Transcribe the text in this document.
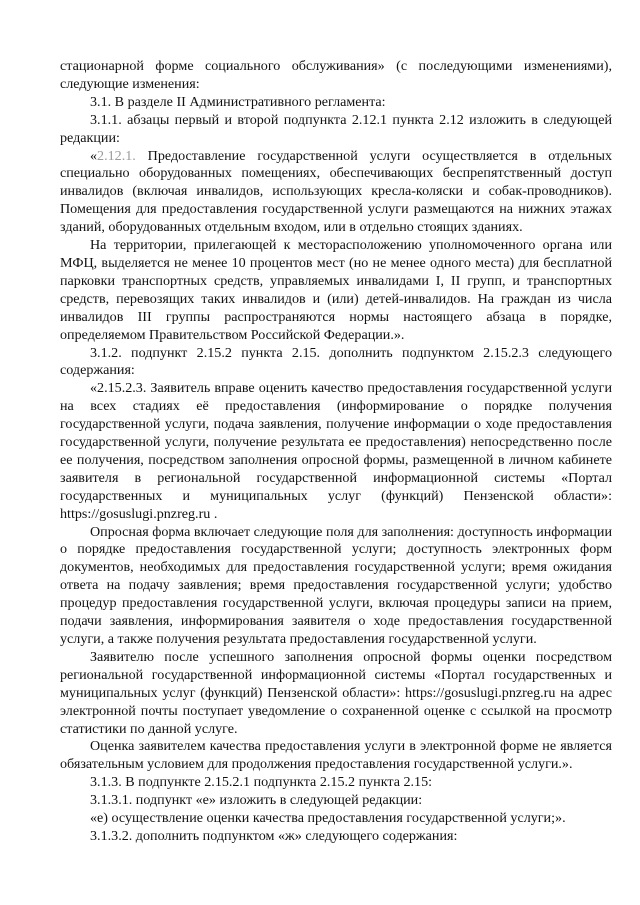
стационарной форме социального обслуживания» (с последующими изменениями), следующие изменения:

3.1. В разделе II Административного регламента:

3.1.1. абзацы первый и второй подпункта 2.12.1 пункта 2.12 изложить в следующей редакции:

«2.12.1. Предоставление государственной услуги осуществляется в отдельных специально оборудованных помещениях, обеспечивающих беспрепятственный доступ инвалидов (включая инвалидов, использующих кресла-коляски и собак-проводников). Помещения для предоставления государственной услуги размещаются на нижних этажах зданий, оборудованных отдельным входом, или в отдельно стоящих зданиях.

На территории, прилегающей к месторасположению уполномоченного органа или МФЦ, выделяется не менее 10 процентов мест (но не менее одного места) для бесплатной парковки транспортных средств, управляемых инвалидами I, II групп, и транспортных средств, перевозящих таких инвалидов и (или) детей-инвалидов. На граждан из числа инвалидов III группы распространяются нормы настоящего абзаца в порядке, определяемом Правительством Российской Федерации.».

3.1.2. подпункт 2.15.2 пункта 2.15. дополнить подпунктом 2.15.2.3 следующего содержания:

«2.15.2.3. Заявитель вправе оценить качество предоставления государственной услуги на всех стадиях её предоставления (информирование о порядке получения государственной услуги, подача заявления, получение информации о ходе предоставления государственной услуги, получение результата ее предоставления) непосредственно после ее получения, посредством заполнения опросной формы, размещенной в личном кабинете заявителя в региональной государственной информационной системы «Портал государственных и муниципальных услуг (функций) Пензенской области»: https://gosuslugi.pnzreg.ru .

Опросная форма включает следующие поля для заполнения: доступность информации о порядке предоставления государственной услуги; доступность электронных форм документов, необходимых для предоставления государственной услуги; время ожидания ответа на подачу заявления; время предоставления государственной услуги; удобство процедур предоставления государственной услуги, включая процедуры записи на прием, подачи заявления, информирования заявителя о ходе предоставления государственной услуги, а также получения результата предоставления государственной услуги.

Заявителю после успешного заполнения опросной формы оценки посредством региональной государственной информационной системы «Портал государственных и муниципальных услуг (функций) Пензенской области»: https://gosuslugi.pnzreg.ru на адрес электронной почты поступает уведомление о сохраненной оценке с ссылкой на просмотр статистики по данной услуге.

Оценка заявителем качества предоставления услуги в электронной форме не является обязательным условием для продолжения предоставления государственной услуги.».

3.1.3. В подпункте 2.15.2.1 подпункта 2.15.2 пункта 2.15:

3.1.3.1. подпункт «е» изложить в следующей редакции:

«е) осуществление оценки качества предоставления государственной услуги;».

3.1.3.2. дополнить подпунктом «ж» следующего содержания:
